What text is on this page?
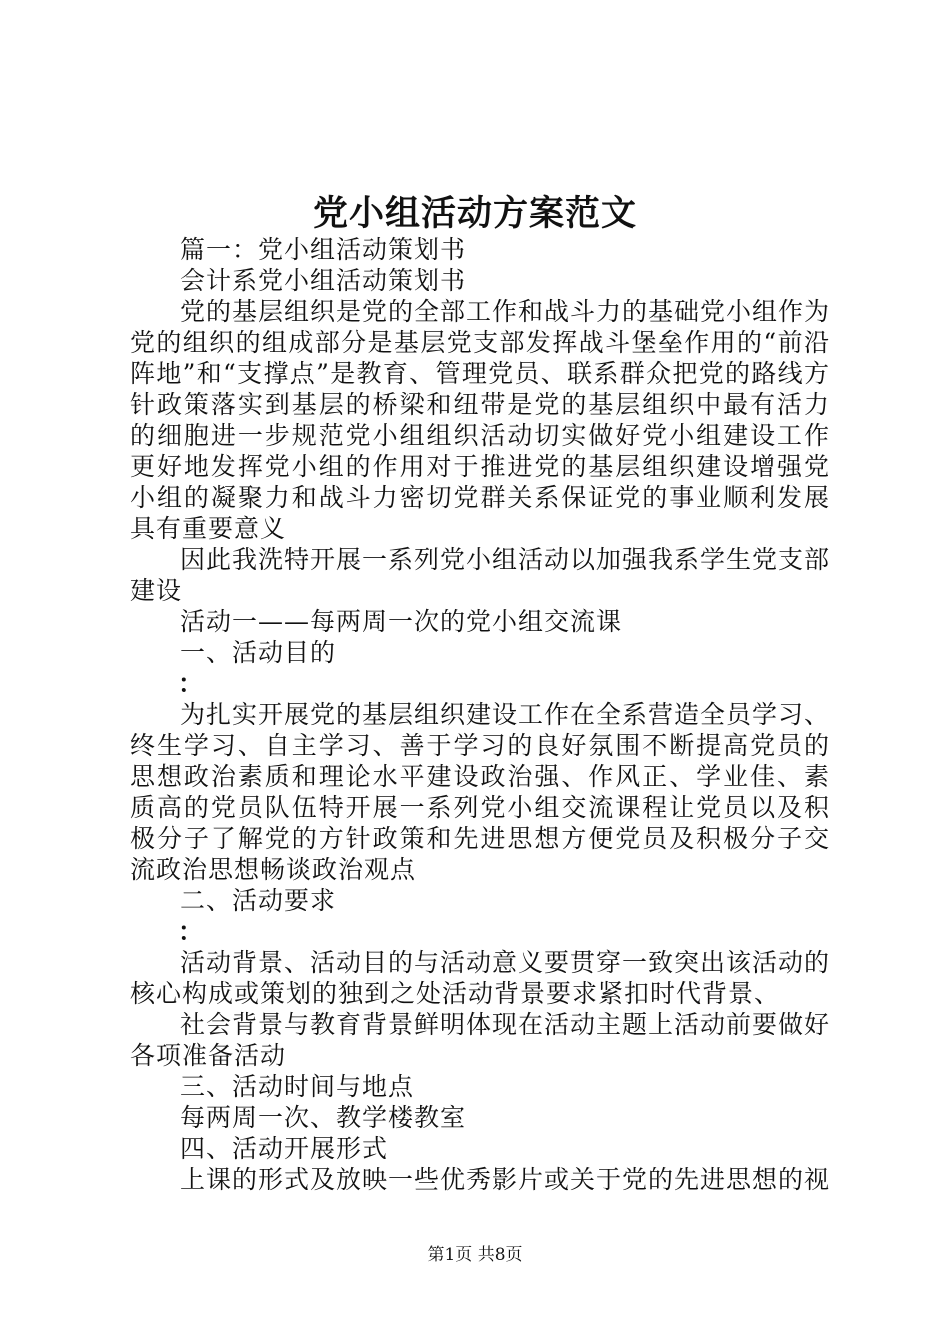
党小组活动方案范文

篇一：党小组活动策划书

会计系党小组活动策划书

党的基层组织是党的全部工作和战斗力的基础党小组作为党的组织的组成部分是基层党支部发挥战斗堡垒作用的“前沿阵地”和“支撑点”是教育、管理党员、联系群众把党的路线方针政策落实到基层的桥梁和纽带是党的基层组织中最有活力的细胞进一步规范党小组组织活动切实做好党小组建设工作更好地发挥党小组的作用对于推进党的基层组织建设增强党小组的凝聚力和战斗力密切党群关系保证党的事业顺利发展具有重要意义

因此我洗特开展一系列党小组活动以加强我系学生党支部建设

活动一——每两周一次的党小组交流课

一、活动目的

：

为扎实开展党的基层组织建设工作在全系营造全员学习、终生学习、自主学习、善于学习的良好氛围不断提高党员的思想政治素质和理论水平建设政治强、作风正、学业佳、素质高的党员队伍特开展一系列党小组交流课程让党员以及积极分子了解党的方针政策和先进思想方便党员及积极分子交流政治思想畅谈政治观点

二、活动要求

：

活动背景、活动目的与活动意义要贯穿一致突出该活动的核心构成或策划的独到之处活动背景要求紧扣时代背景、

社会背景与教育背景鲜明体现在活动主题上活动前要做好各项准备活动

三、活动时间与地点

每两周一次、教学楼教室

四、活动开展形式

上课的形式及放映一些优秀影片或关于党的先进思想的视

第1页 共8页
